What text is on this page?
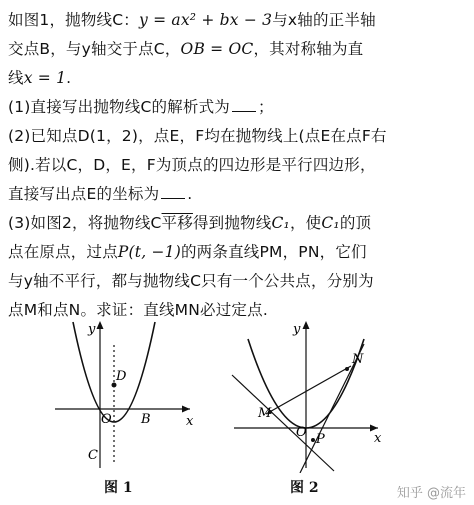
如图1，抛物线C：y = ax² + bx − 3与x轴的正半轴
交点B，与y轴交于点C，OB = OC，其对称轴为直
线x = 1.
(1)直接写出抛物线C的解析式为 ；
(2)已知点D(1，2)，点E，F均在抛物线上(点E在点F右
侧).若以C，D，E，F为顶点的四边形是平行四边形，
直接写出点E的坐标为 .
(3)如图2，将抛物线C平移得到抛物线C₁，使C₁的顶
点在原点，过点P(t, −1)的两条直线PM，PN，它们
与y轴不平行，都与抛物线C只有一个公共点，分别为
点M和点N。求证：直线MN必过定点.
D
y
x
O B
C
图 1
y
x
O
M
N
P
图 2	知乎 @流年
